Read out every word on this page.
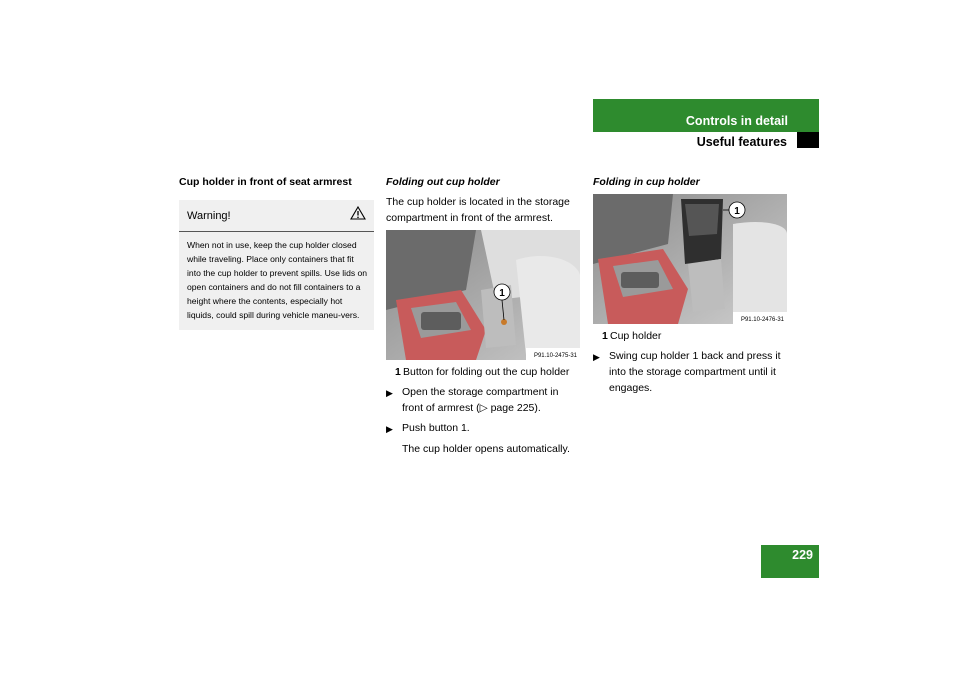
Controls in detail
Useful features
Cup holder in front of seat armrest
Warning!
When not in use, keep the cup holder closed while traveling. Place only containers that fit into the cup holder to prevent spills. Use lids on open containers and do not fill containers to a height where the contents, especially hot liquids, could spill during vehicle maneu-vers.
Folding out cup holder

The cup holder is located in the storage compartment in front of the armrest.

1
P91.10-2475-31
1 Button for folding out the cup holder
▶ Open the storage compartment in front of armrest (▷ page 225).
▶ Push button 1.
The cup holder opens automatically.
Folding in cup holder
1
P91.10-2476-31
1 Cup holder
▶ Swing cup holder 1 back and press it into the storage compartment until it engages.
229
